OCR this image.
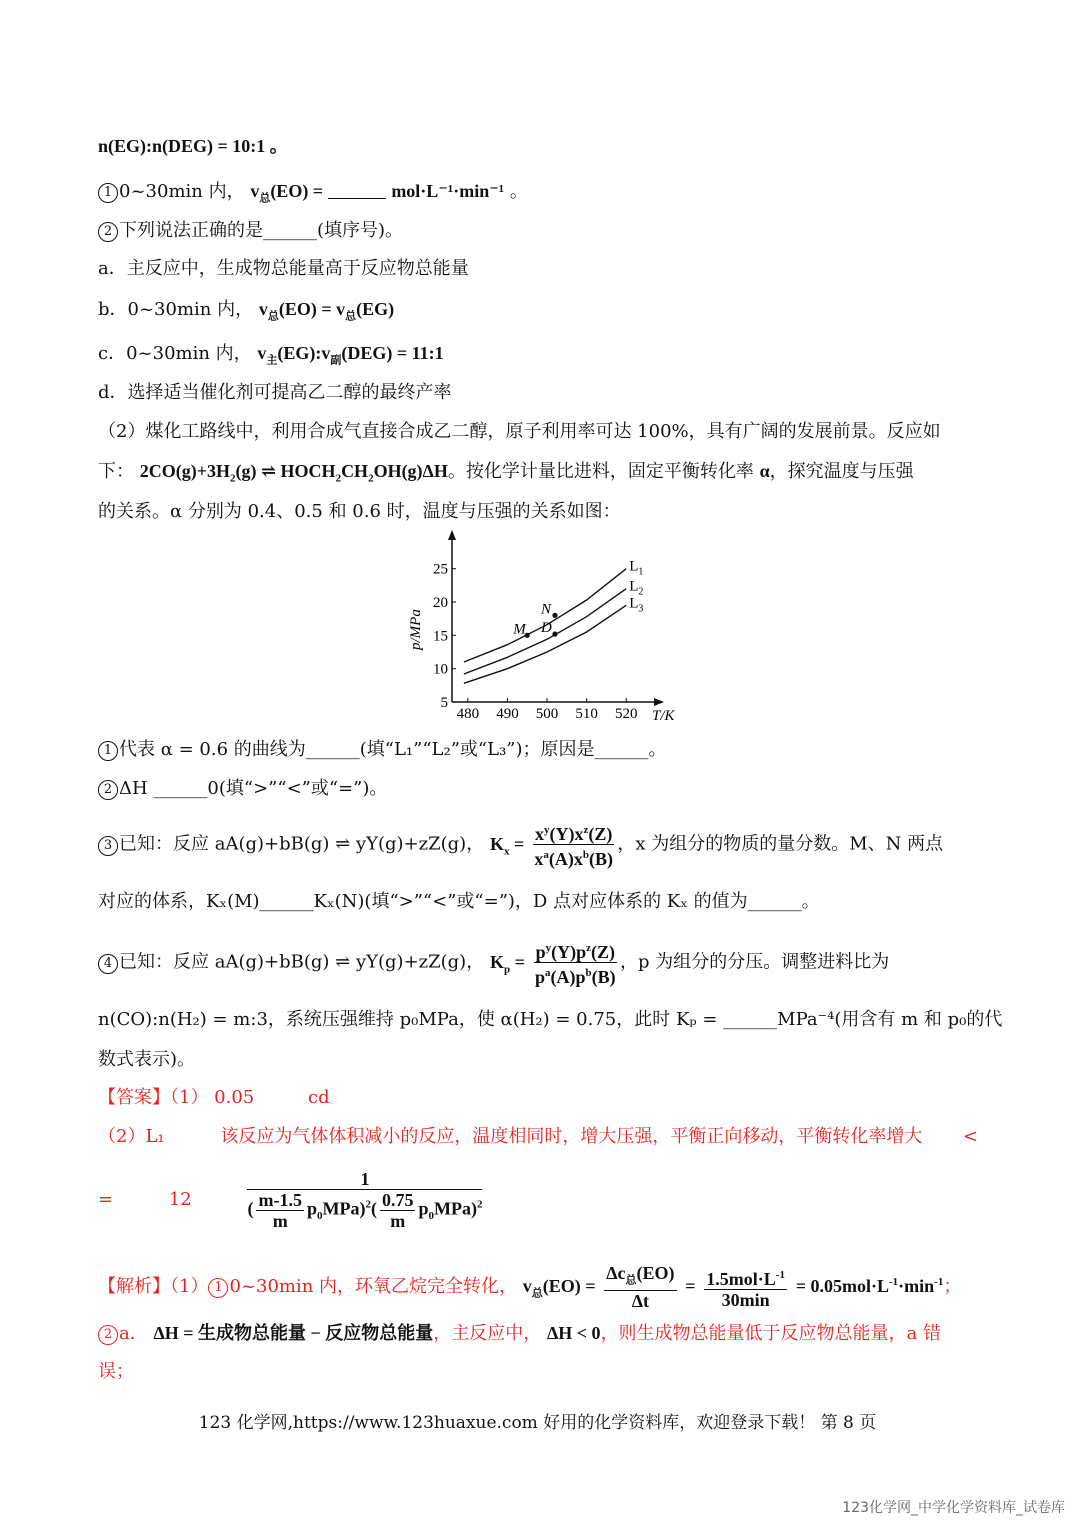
n(EG):n(DEG) = 10:1 。
1 0~30min 内， $v_总(EO)$ =	mol·L⁻¹·min⁻¹ 。
2 下列说法正确的是______(填序号)。
a．主反应中，生成物总能量高于反应物总能量
b．0~30min 内， $v_总(EO) = v_总(EG)$
c．0~30min 内， $v_主(EG):v_副(DEG)$ = 11:1
d．选择适当催化剂可提高乙二醇的最终产率
（2）煤化工路线中，利用合成气直接合成乙二醇，原子利用率可达 100%，具有广阔的发展前景。反应如
下： $2CO(g)+3H_2(g)$ ⇌ $HOCH_2CH_2OH(g)\Delta H$。按化学计量比进料，固定平衡转化率 α，探究温度与压强
的关系。α 分别为 0.4、0.5 和 0.6 时，温度与压强的关系如图：
480 490 500 510 520
5
10
15
20
25
T/K
p/MPa
$L_1$
$L_2$
$L_3$
M
N
D
1 代表 α = 0.6 的曲线为______(填“L₁”“L₂”或“L₃”)；原因是______。
2 ΔH ______0(填“>”“<”或“=”)。
3 已知：反应 aA(g)+bB(g) ⇌ yY(g)+zZ(g)， $K_x = \frac{x^y(Y)x^z(Z)}{x^a(A)x^b(B)}$ ，x 为组分的物质的量分数。M、N 两点
对应的体系，Kₓ(M)______Kₓ(N)(填“>”“<”或“=”)，D 点对应体系的 Kₓ 的值为______。
4 已知：反应 aA(g)+bB(g) ⇌ yY(g)+zZ(g)， $K_p = \frac{p^y(Y)p^z(Z)}{p^a(A)p^b(B)}$ ，p 为组分的分压。调整进料比为
n(CO):n(H₂) = m:3，系统压强维持 p₀MPa，使 α(H₂) = 0.75，此时 Kₚ = ______MPa⁻⁴(用含有 m 和 p₀的代
数式表示)。
【答案】（1） 0.05	cd
（2）L₁	该反应为气体体积减小的反应，温度相同时，增大压强，平衡正向移动，平衡转化率增大 <
=	12	$\frac{1}{( \frac{m-1.5}{m} p_0MPa)^2( \frac{0.75}{m} p_0MPa)^2}$
【解析】（1） 1 0~30min 内，环氧乙烷完全转化， $v_总(EO) = \frac{\Delta c_总(EO)}{\Delta t} = \frac{1.5mol\cdot L^{-1}}{30\min} = 0.05mol\cdot L^{-1}\cdot\min^{-1}$；
2 a． ΔH = 生成物总能量 − 反应物总能量，主反应中， ΔH < 0，则生成物总能量低于反应物总能量，a 错
误；
123 化学网,https://www.123huaxue.com 好用的化学资料库，欢迎登录下载！ 第 8 页
123化学网_中学化学资料库_试卷库
